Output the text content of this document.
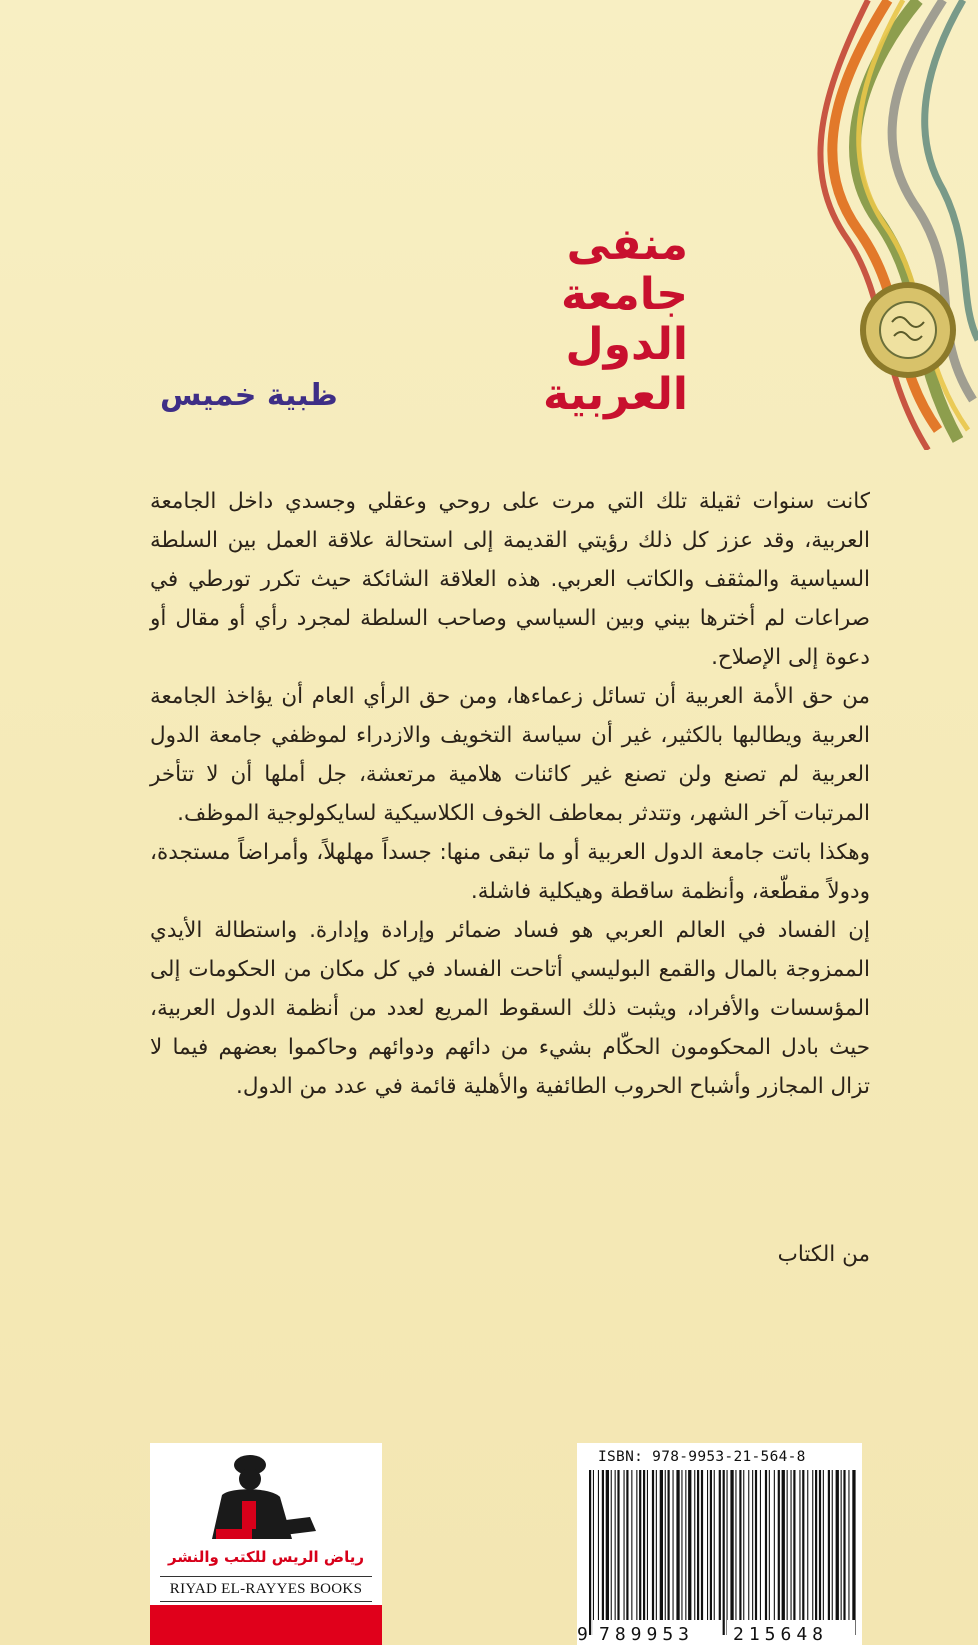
منفى
جامعة
الدول
العربية
ظبية خميس

كانت سنوات ثقيلة تلك التي مرت على روحي وعقلي وجسدي داخل الجامعة العربية، وقد عزز كل ذلك رؤيتي القديمة إلى استحالة علاقة العمل بين السلطة السياسية والمثقف والكاتب العربي. هذه العلاقة الشائكة حيث تكرر تورطي في صراعات لم أخترها بيني وبين السياسي وصاحب السلطة لمجرد رأي أو مقال أو دعوة إلى الإصلاح.

من حق الأمة العربية أن تسائل زعماءها، ومن حق الرأي العام أن يؤاخذ الجامعة العربية ويطالبها بالكثير، غير أن سياسة التخويف والازدراء لموظفي جامعة الدول العربية لم تصنع ولن تصنع غير كائنات هلامية مرتعشة، جل أملها أن لا تتأخر المرتبات آخر الشهر، وتتدثر بمعاطف الخوف الكلاسيكية لسايكولوجية الموظف.

وهكذا باتت جامعة الدول العربية أو ما تبقى منها: جسداً مهلهلاً، وأمراضاً مستجدة، ودولاً مقطّعة، وأنظمة ساقطة وهيكلية فاشلة.

إن الفساد في العالم العربي هو فساد ضمائر وإرادة وإدارة. واستطالة الأيدي الممزوجة بالمال والقمع البوليسي أتاحت الفساد في كل مكان من الحكومات إلى المؤسسات والأفراد، ويثبت ذلك السقوط المريع لعدد من أنظمة الدول العربية، حيث بادل المحكومون الحكّام بشيء من دائهم ودوائهم وحاكموا بعضهم فيما لا تزال المجازر وأشباح الحروب الطائفية والأهلية قائمة في عدد من الدول.

من الكتاب
رياض الريس للكتب والنشر
RIYAD EL-RAYYES BOOKS
ISBN: 978-9953-21-564-8
9 789953 215648
